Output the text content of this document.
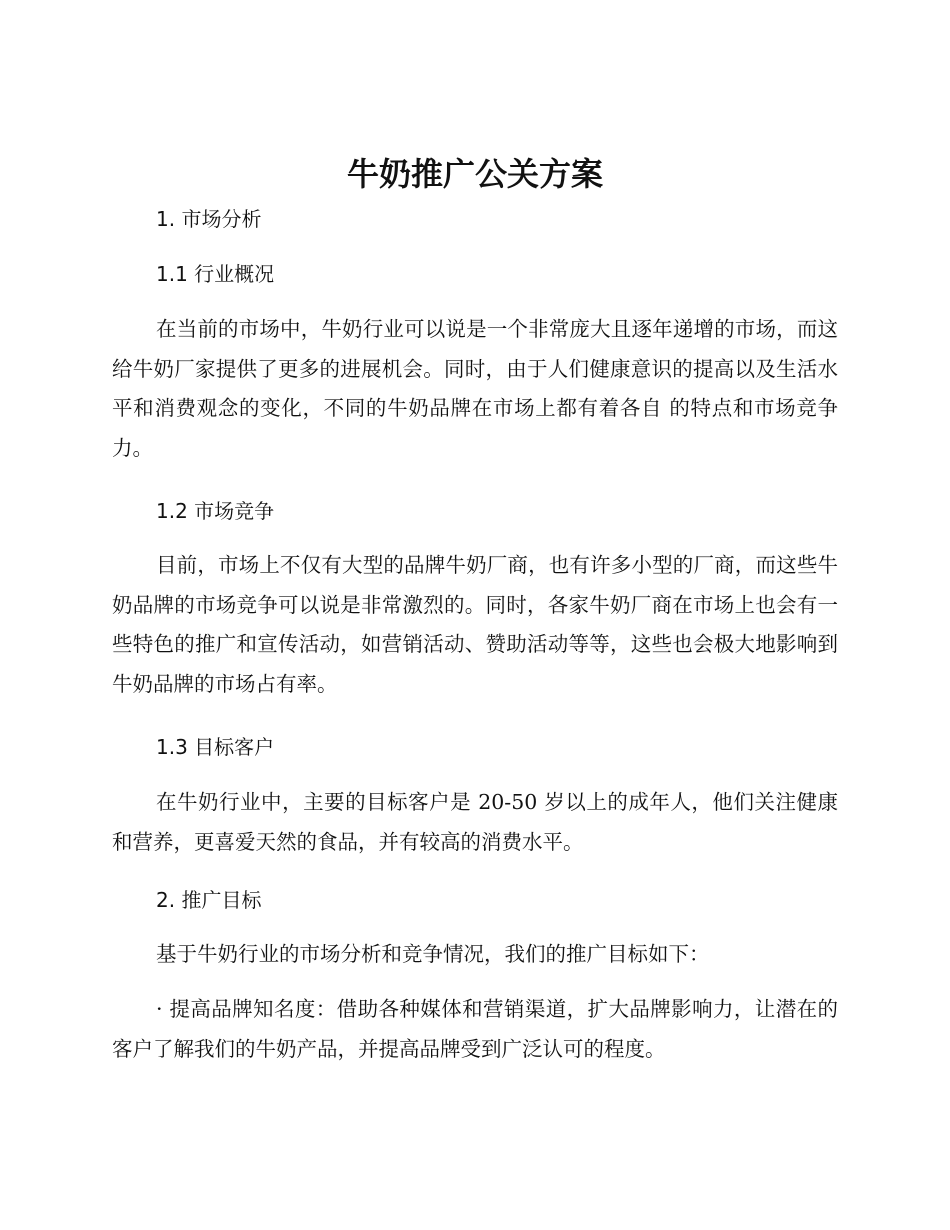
牛奶推广公关方案
1. 市场分析
1.1 行业概况

在当前的市场中，牛奶行业可以说是一个非常庞大且逐年递增的市场，而这给牛奶厂家提供了更多的进展机会。同时，由于人们健康意识的提高以及生活水平和消费观念的变化，不同的牛奶品牌在市场上都有着各自 的特点和市场竞争力。

1.2 市场竞争

目前，市场上不仅有大型的品牌牛奶厂商，也有许多小型的厂商，而这些牛奶品牌的市场竞争可以说是非常激烈的。同时，各家牛奶厂商在市场上也会有一些特色的推广和宣传活动，如营销活动、赞助活动等等，这些也会极大地影响到牛奶品牌的市场占有率。

1.3 目标客户

在牛奶行业中，主要的目标客户是 20-50 岁以上的成年人，他们关注健康和营养，更喜爱天然的食品，并有较高的消费水平。

2. 推广目标

基于牛奶行业的市场分析和竞争情况，我们的推广目标如下：

· 提高品牌知名度：借助各种媒体和营销渠道，扩大品牌影响力，让潜在的客户了解我们的牛奶产品，并提高品牌受到广泛认可的程度。
